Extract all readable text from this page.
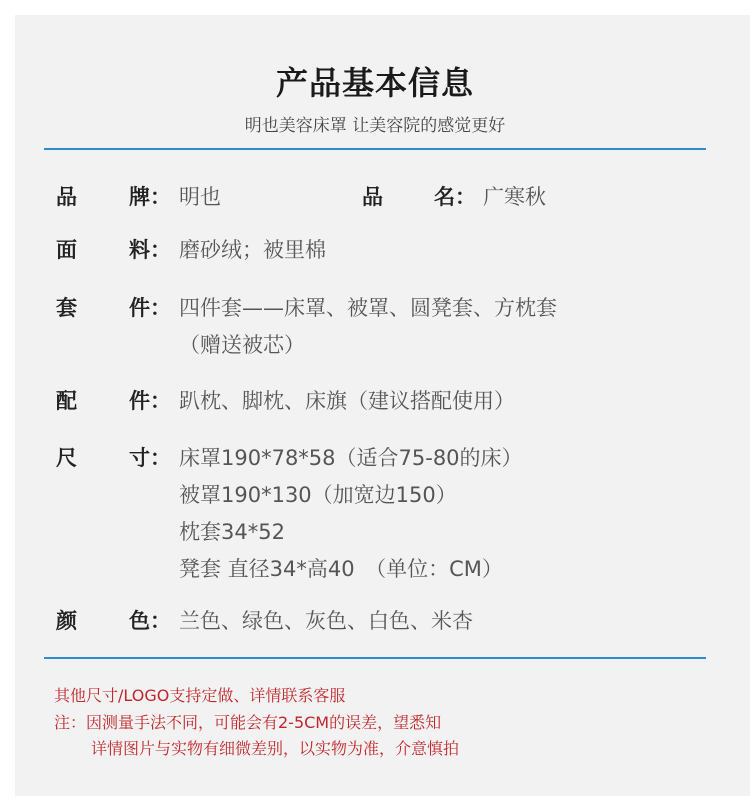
产品基本信息
明也美容床罩 让美容院的感觉更好
品 牌： 明也	品 名： 广寒秋
面 料： 磨砂绒；被里棉
套 件： 四件套——床罩、被罩、圆凳套、方枕套
（赠送被芯）
配 件： 趴枕、脚枕、床旗（建议搭配使用）
尺 寸： 床罩190*78*58（适合75-80的床）
被罩190*130（加宽边150）
枕套34*52
凳套 直径34*高40　（单位：CM）
颜 色： 兰色、绿色、灰色、白色、米杏
其他尺寸/LOGO支持定做、详情联系客服
注：因测量手法不同，可能会有2-5CM的误差，望悉知
详情图片与实物有细微差别，以实物为准，介意慎拍
